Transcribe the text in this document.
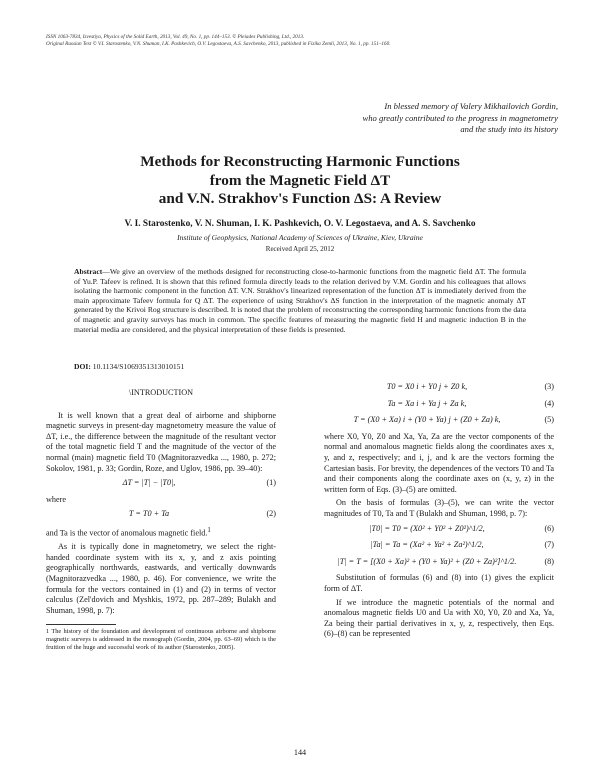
ISSN 1063-7834, Izvestiya, Physics of the Solid Earth, 2013, Vol. 49, No. 1, pp. 144–153. © Pleiades Publishing, Ltd., 2013.
Original Russian Text © V.I. Starostenko, V.N. Shuman, I.K. Pashkevich, O.V. Legostaeva, A.S. Savchenko, 2013, published in Fizika Zemli, 2013, No. 1, pp. 151–160.
In blessed memory of Valery Mikhailovich Gordin,
who greatly contributed to the progress in magnetometry
and the study into its history
Methods for Reconstructing Harmonic Functions
from the Magnetic Field ΔT
and V.N. Strakhov's Function ΔS: A Review
V. I. Starostenko, V. N. Shuman, I. K. Pashkevich, O. V. Legostaeva, and A. S. Savchenko
Institute of Geophysics, National Academy of Sciences of Ukraine, Kiev, Ukraine
Received April 25, 2012
Abstract—We give an overview of the methods designed for reconstructing close-to-harmonic functions from the magnetic field ΔT. The formula of Yu.P. Tafeev is refined. It is shown that this refined formula directly leads to the relation derived by V.M. Gordin and his colleagues that allows isolating the harmonic component in the function ΔT. V.N. Strakhov's linearized representation of the function ΔT is immediately derived from the main approximate Tafeev formula for Q ΔT. The experience of using Strakhov's ΔS function in the interpretation of the magnetic anomaly ΔT generated by the Krivoi Rog structure is described. It is noted that the problem of reconstructing the corresponding harmonic functions from the data of magnetic and gravity surveys has much in common. The specific features of measuring the magnetic field H and magnetic induction B in the material media are considered, and the physical interpretation of these fields is presented.
DOI: 10.1134/S1069351313010151
\INTRODUCTION

It is well known that a great deal of airborne and shipborne magnetic surveys in present-day magnetometry measure the value of ΔT, i.e., the difference between the magnitude of the resultant vector of the total magnetic field T and the magnitude of the vector of the normal (main) magnetic field T0 (Magnitorazvedka ..., 1980, p. 272; Sokolov, 1981, p. 33; Gordin, Roze, and Uglov, 1986, pp. 39–40):

ΔT = |T| − |T0|,	(1)

where

T = T0 + Ta	(2)

and Ta is the vector of anomalous magnetic field.$^1$

As it is typically done in magnetometry, we select the right-handed coordinate system with its x, y, and z axis pointing geographically northwards, eastwards, and vertically downwards (Magnitorazvedka ..., 1980, p. 46). For convenience, we write the formula for the vectors contained in (1) and (2) in terms of vector calculus (Zel'dovich and Myshkis, 1972, pp. 287–289; Bulakh and Shuman, 1998, p. 7):

1 The history of the foundation and development of continuous airborne and shipborne magnetic surveys is addressed in the monograph (Gordin, 2004, pp. 63–69) which is the fruition of the huge and successful work of its author (Starostenko, 2005).
T0 = X0 i + Y0 j + Z0 k,	(3)
Ta = Xa i + Ya j + Za k,	(4)
T = (X0 + Xa) i + (Y0 + Ya) j + (Z0 + Za) k,	(5)

where X0, Y0, Z0 and Xa, Ya, Za are the vector components of the normal and anomalous magnetic fields along the coordinates axes x, y, and z, respectively; and i, j, and k are the vectors forming the Cartesian basis. For brevity, the dependences of the vectors T0 and Ta and their components along the coordinate axes on (x, y, z) in the written form of Eqs. (3)–(5) are omitted.

On the basis of formulas (3)–(5), we can write the vector magnitudes of T0, Ta and T (Bulakh and Shuman, 1998, p. 7):

|T0| = T0 = (X0² + Y0² + Z0²)^1/2,	(6)
|Ta| = Ta = (Xa² + Ya² + Za²)^1/2,	(7)
|T| = T = [(X0 + Xa)² + (Y0 + Ya)² + (Z0 + Za)²]^1/2.	(8)

Substitution of formulas (6) and (8) into (1) gives the explicit form of ΔT.

If we introduce the magnetic potentials of the normal and anomalous magnetic fields U0 and Ua with X0, Y0, Z0 and Xa, Ya, Za being their partial derivatives in x, y, z, respectively, then Eqs. (6)–(8) can be represented

144
